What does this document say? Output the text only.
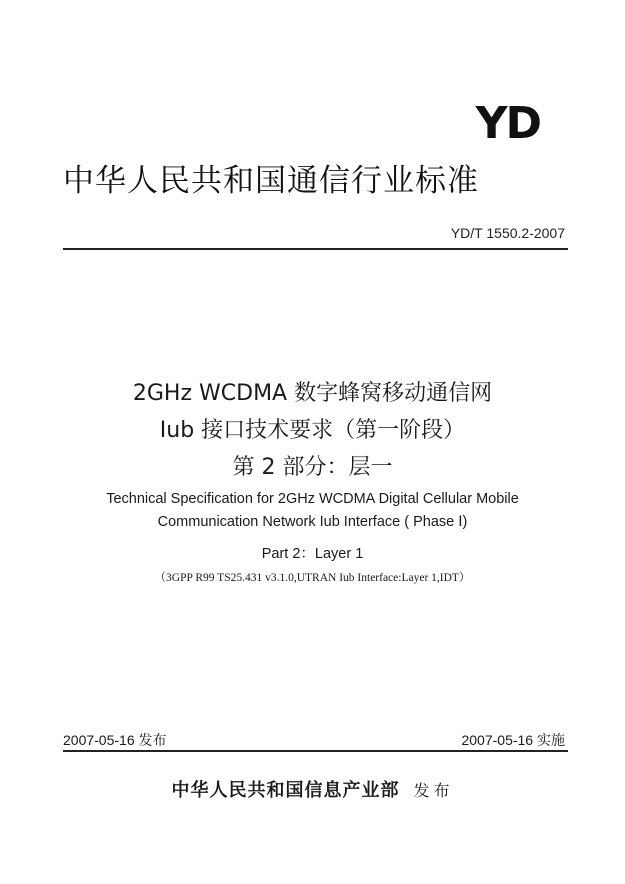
YD
中华人民共和国通信行业标准
YD/T 1550.2-2007
2GHz WCDMA 数字蜂窝移动通信网
Iub 接口技术要求（第一阶段）
第 2 部分：层一
Technical Specification for 2GHz WCDMA Digital Cellular Mobile
Communication Network Iub Interface ( Phase Ⅰ)
Part 2：Layer 1
（3GPP R99 TS25.431 v3.1.0,UTRAN Iub Interface:Layer 1,IDT）
2007-05-16 发布	2007-05-16 实施
中华人民共和国信息产业部 发布
